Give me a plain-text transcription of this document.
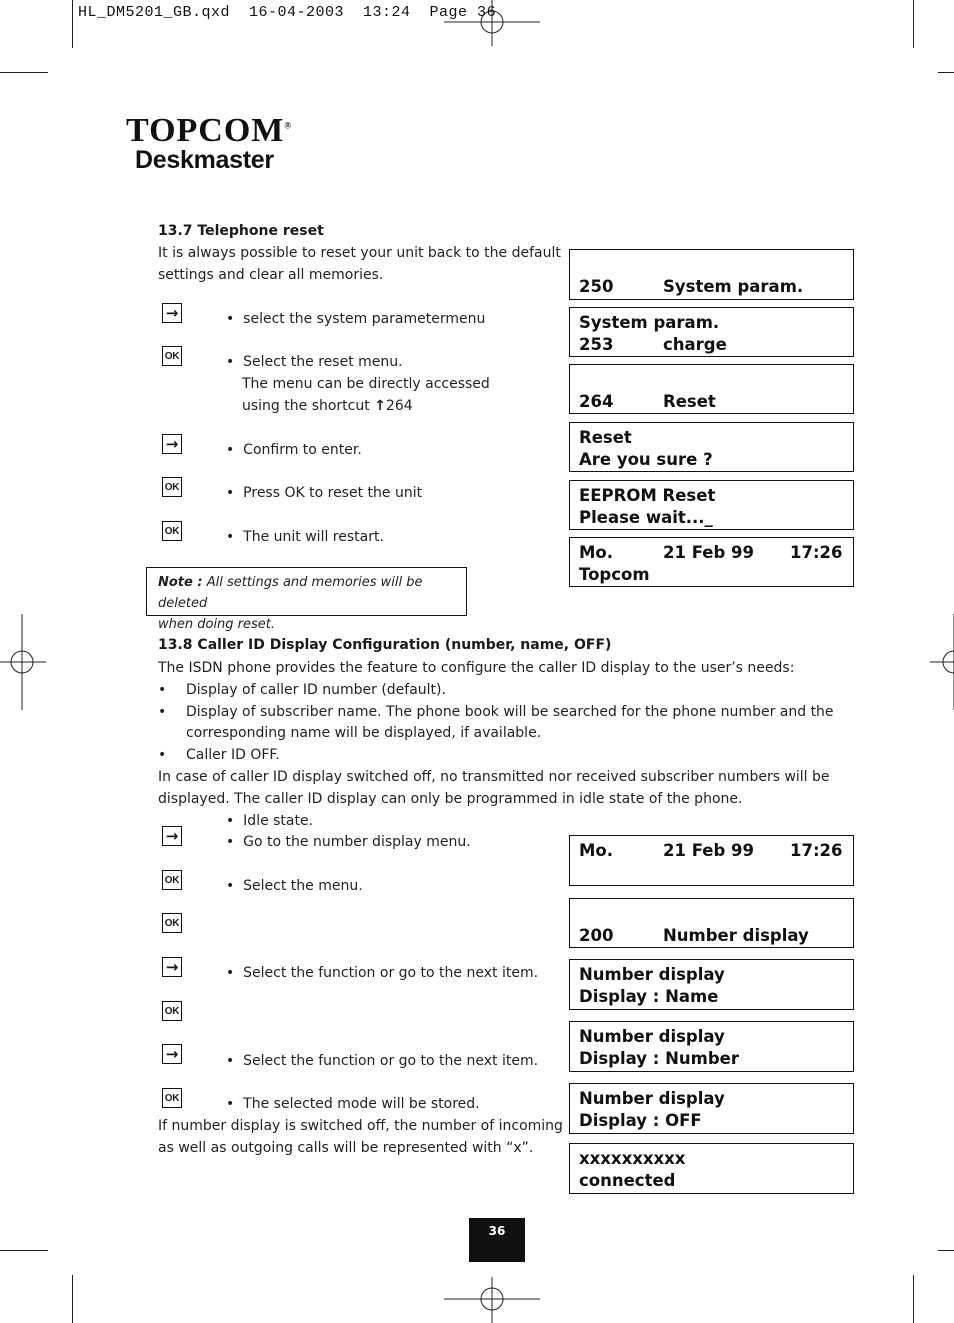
HL_DM5201_GB.qxd  16-04-2003  13:24  Page 36
TOPCOM®
Deskmaster
13.7 Telephone reset
It is always possible to reset your unit back to the default
settings and clear all memories.
→	•  select the system parametermenu
OK	•  Select the reset menu.
The menu can be directly accessed
using the shortcut ↑264
→	•  Confirm to enter.
OK	•  Press OK to reset the unit
OK	•  The unit will restart.
Note : All settings and memories will be deleted
when doing reset.
250	System param.
System param.
253	charge
264	Reset
Reset
Are you sure ?
EEPROM Reset
Please wait..._
Mo.	21 Feb 99 17:26
Topcom
13.8 Caller ID Display Configuration (number, name, OFF)
The ISDN phone provides the feature to configure the caller ID display to the user’s needs:
• Display of caller ID number (default).
• Display of subscriber name. The phone book will be searched for the phone number and the
corresponding name will be displayed, if available.
• Caller ID OFF.
In case of caller ID display switched off, no transmitted nor received subscriber numbers will be
displayed. The caller ID display can only be programmed in idle state of the phone.
•  Idle state.
→	•  Go to the number display menu.
OK	•  Select the menu.
OK
→	•  Select the function or go to the next item.
OK
→	•  Select the function or go to the next item.
OK	•  The selected mode will be stored.
If number display is switched off, the number of incoming
as well as outgoing calls will be represented with “x”.
Mo.	21 Feb 99 17:26
200	Number display
Number display
Display : Name
Number display
Display : Number
Number display
Display : OFF
xxxxxxxxxx
connected
36
